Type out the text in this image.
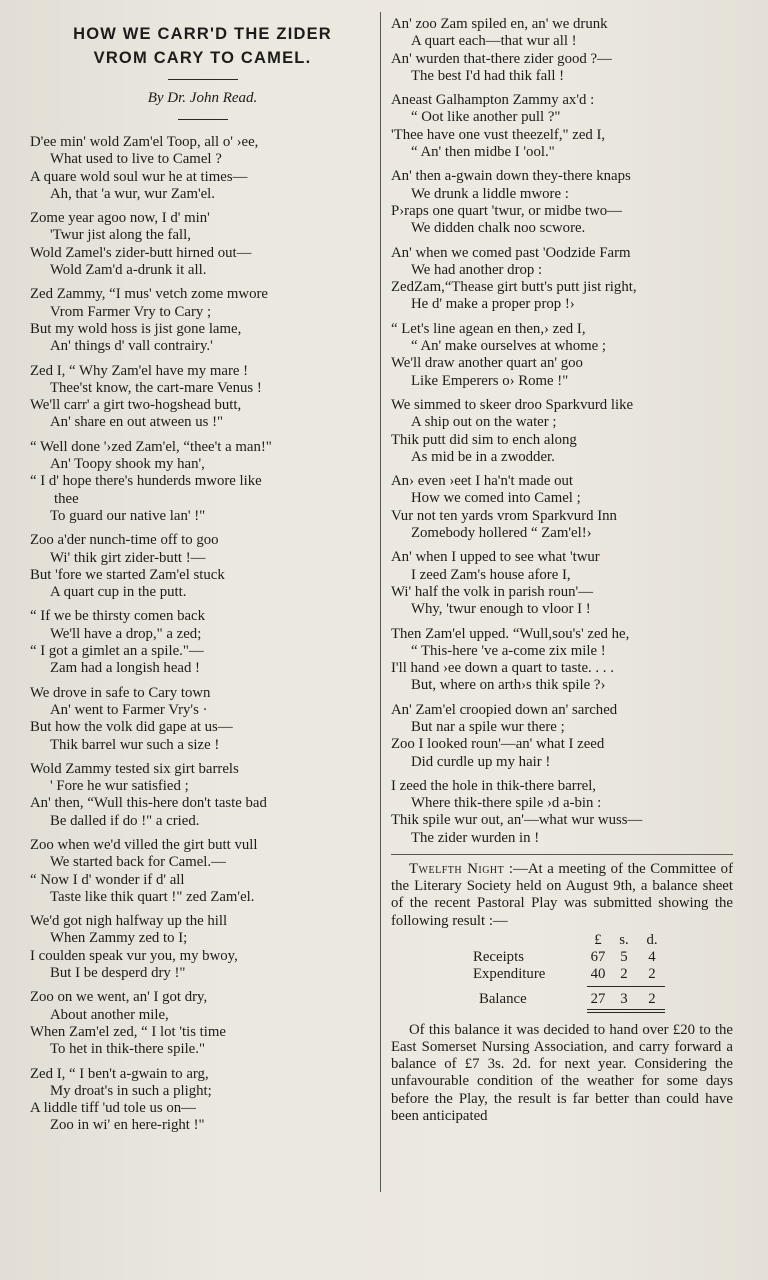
HOW WE CARR'D THE ZIDER
VROM CARY TO CAMEL.
By Dr. John Read.
D'ee min' wold Zam'el Toop, all o' ›ee,
What used to live to Camel ?
A quare wold soul wur he at times—
Ah, that 'a wur, wur Zam'el.
Zome year agoo now, I d' min'
'Twur jist along the fall,
Wold Zamel's zider-butt hirned out—
Wold Zam'd a-drunk it all.
Zed Zammy, “I mus' vetch zome mwore
Vrom Farmer Vry to Cary ;
But my wold hoss is jist gone lame,
An' things d' vall contrairy.'
Zed I, “ Why Zam'el have my mare !
Thee'st know, the cart-mare Venus !
We'll carr' a girt two-hogshead butt,
An' share en out atween us !"
“ Well done '›zed Zam'el, “thee't a man!"
An' Toopy shook my han',
“ I d' hope there's hunderds mwore like
thee
To guard our native lan' !"
Zoo a'der nunch-time off to goo
Wi' thik girt zider-butt !—
But 'fore we started Zam'el stuck
A quart cup in the putt.
“ If we be thirsty comen back
We'll have a drop," a zed;
“ I got a gimlet an a spile."—
Zam had a longish head !
We drove in safe to Cary town
An' went to Farmer Vry's ·
But how the volk did gape at us—
Thik barrel wur such a size !
Wold Zammy tested six girt barrels
' Fore he wur satisfied ;
An' then, “Wull this-here don't taste bad
Be dalled if do !" a cried.
Zoo when we'd villed the girt butt vull
We started back for Camel.—
“ Now I d' wonder if d' all
Taste like thik quart !" zed Zam'el.
We'd got nigh halfway up the hill
When Zammy zed to I;
I coulden speak vur you, my bwoy,
But I be desperd dry !"
Zoo on we went, an' I got dry,
About another mile,
When Zam'el zed, “ I lot 'tis time
To het in thik-there spile."
Zed I, “ I ben't a-gwain to arg,
My droat's in such a plight;
A liddle tiff 'ud tole us on—
Zoo in wi' en here-right !"
An' zoo Zam spiled en, an' we drunk
A quart each—that wur all !
An' wurden that-there zider good ?—
The best I'd had thik fall !
Aneast Galhampton Zammy ax'd :
“ Oot like another pull ?"
'Thee have one vust theezelf," zed I,
“ An' then midbe I 'ool."
An' then a-gwain down they-there knaps
We drunk a liddle mwore :
P›raps one quart 'twur, or midbe two—
We didden chalk noo scwore.
An' when we comed past 'Oodzide Farm
We had another drop :
ZedZam,“Thease girt butt's putt jist right,
He d' make a proper prop !›
“ Let's line agean en then,› zed I,
“ An' make ourselves at whome ;
We'll draw another quart an' goo
Like Emperers o› Rome !"
We simmed to skeer droo Sparkvurd like
A ship out on the water ;
Thik putt did sim to ench along
As mid be in a zwodder.
An› even ›eet I ha'n't made out
How we comed into Camel ;
Vur not ten yards vrom Sparkvurd Inn
Zomebody hollered “ Zam'el!›
An' when I upped to see what 'twur
I zeed Zam's house afore I,
Wi' half the volk in parish roun'—
Why, 'twur enough to vloor I !
Then Zam'el upped. “Wull,sou's' zed he,
“ This-here 've a-come zix mile !
I'll hand ›ee down a quart to taste. . . .
But, where on arth›s thik spile ?›
An' Zam'el croopied down an' sarched
But nar a spile wur there ;
Zoo I looked roun'—an' what I zeed
Did curdle up my hair !
I zeed the hole in thik-there barrel,
Where thik-there spile ›d a-bin :
Thik spile wur out, an'—what wur wuss—
The zider wurden in !

Twelfth Night :—At a meeting of the Committee of the Literary Society held on August 9th, a balance sheet of the recent Pastoral Play was submitted showing the following result :—

£	s.	d.
Receipts	67	5	4
Expenditure	40	2	2
Balance	27	3	2

Of this balance it was decided to hand over £20 to the East Somerset Nursing Association, and carry forward a balance of £7 3s. 2d. for next year. Considering the unfavourable condition of the weather for some days before the Play, the result is far better than could have been anticipated
